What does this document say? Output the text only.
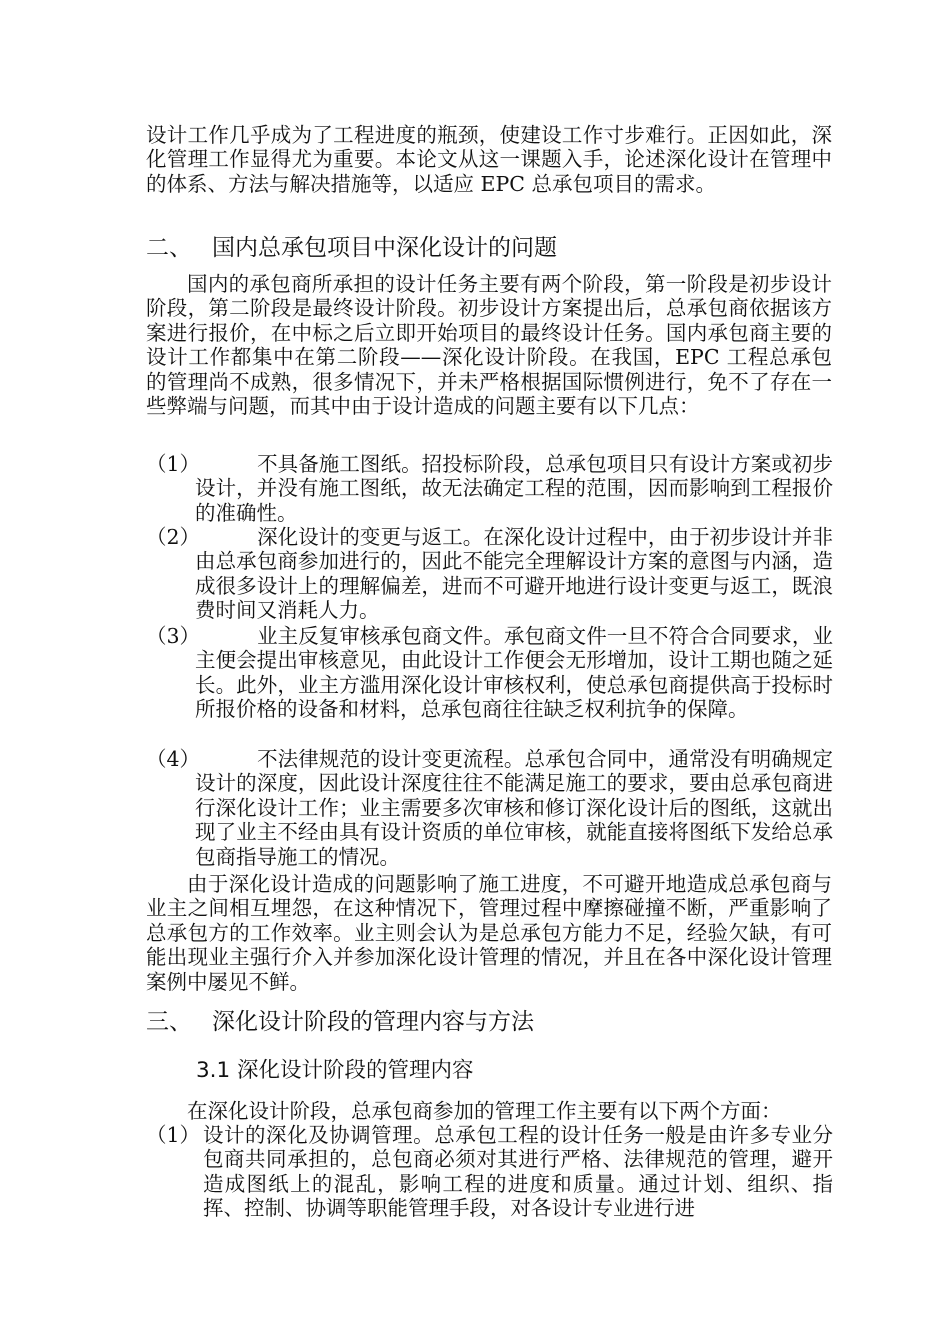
设计工作几乎成为了工程进度的瓶颈，使建设工作寸步难行。正因如此，深化管理工作显得尤为重要。本论文从这一课题入手，论述深化设计在管理中的体系、方法与解决措施等，以适应 EPC 总承包项目的需求。

二、 国内总承包项目中深化设计的问题

国内的承包商所承担的设计任务主要有两个阶段，第一阶段是初步设计阶段，第二阶段是最终设计阶段。初步设计方案提出后，总承包商依据该方案进行报价，在中标之后立即开始项目的最终设计任务。国内承包商主要的设计工作都集中在第二阶段——深化设计阶段。在我国，EPC 工程总承包的管理尚不成熟，很多情况下，并未严格根据国际惯例进行，免不了存在一些弊端与问题，而其中由于设计造成的问题主要有以下几点：

（1）	不具备施工图纸。招投标阶段，总承包项目只有设计方案或初步设计，并没有施工图纸，故无法确定工程的范围，因而影响到工程报价的准确性。

（2）	深化设计的变更与返工。在深化设计过程中，由于初步设计并非由总承包商参加进行的，因此不能完全理解设计方案的意图与内涵，造成很多设计上的理解偏差，进而不可避开地进行设计变更与返工，既浪费时间又消耗人力。

（3）	业主反复审核承包商文件。承包商文件一旦不符合合同要求，业主便会提出审核意见，由此设计工作便会无形增加，设计工期也随之延长。此外，业主方滥用深化设计审核权利，使总承包商提供高于投标时所报价格的设备和材料，总承包商往往缺乏权利抗争的保障。

（4）	不法律规范的设计变更流程。总承包合同中，通常没有明确规定设计的深度，因此设计深度往往不能满足施工的要求，要由总承包商进行深化设计工作；业主需要多次审核和修订深化设计后的图纸，这就出现了业主不经由具有设计资质的单位审核，就能直接将图纸下发给总承包商指导施工的情况。

由于深化设计造成的问题影响了施工进度，不可避开地造成总承包商与业主之间相互埋怨，在这种情况下，管理过程中摩擦碰撞不断，严重影响了总承包方的工作效率。业主则会认为是总承包方能力不足，经验欠缺，有可能出现业主强行介入并参加深化设计管理的情况，并且在各中深化设计管理案例中屡见不鲜。

三、 深化设计阶段的管理内容与方法
3.1 深化设计阶段的管理内容

在深化设计阶段，总承包商参加的管理工作主要有以下两个方面：

（1） 设计的深化及协调管理。总承包工程的设计任务一般是由许多专业分包商共同承担的，总包商必须对其进行严格、法律规范的管理，避开造成图纸上的混乱，影响工程的进度和质量。通过计划、组织、指挥、控制、协调等职能管理手段，对各设计专业进行进
